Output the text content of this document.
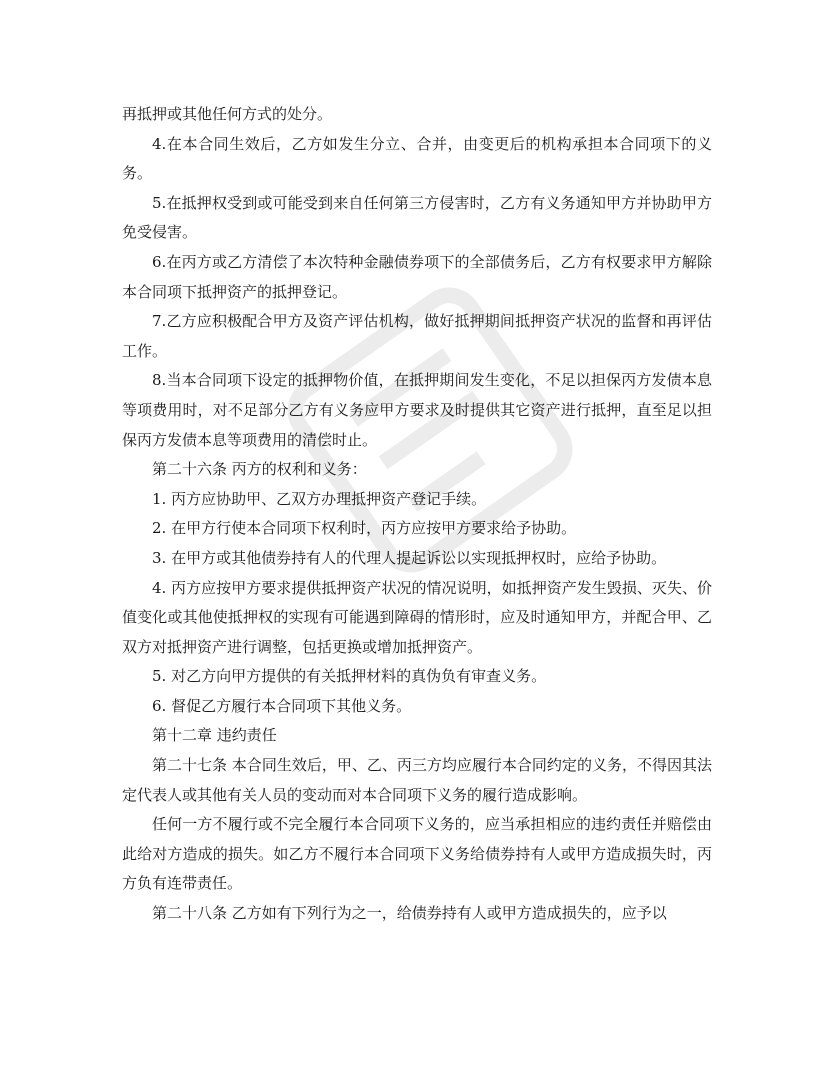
再抵押或其他任何方式的处分。

4.在本合同生效后，乙方如发生分立、合并，由变更后的机构承担本合同项下的义务。

5.在抵押权受到或可能受到来自任何第三方侵害时，乙方有义务通知甲方并协助甲方免受侵害。

6.在丙方或乙方清偿了本次特种金融债券项下的全部债务后，乙方有权要求甲方解除本合同项下抵押资产的抵押登记。

7.乙方应积极配合甲方及资产评估机构，做好抵押期间抵押资产状况的监督和再评估工作。

8.当本合同项下设定的抵押物价值，在抵押期间发生变化，不足以担保丙方发债本息等项费用时，对不足部分乙方有义务应甲方要求及时提供其它资产进行抵押，直至足以担保丙方发债本息等项费用的清偿时止。

第二十六条 丙方的权利和义务：

1. 丙方应协助甲、乙双方办理抵押资产登记手续。

2. 在甲方行使本合同项下权利时，丙方应按甲方要求给予协助。

3. 在甲方或其他债券持有人的代理人提起诉讼以实现抵押权时，应给予协助。

4. 丙方应按甲方要求提供抵押资产状况的情况说明，如抵押资产发生毁损、灭失、价值变化或其他使抵押权的实现有可能遇到障碍的情形时，应及时通知甲方，并配合甲、乙双方对抵押资产进行调整，包括更换或增加抵押资产。

5. 对乙方向甲方提供的有关抵押材料的真伪负有审查义务。

6. 督促乙方履行本合同项下其他义务。

第十二章 违约责任

第二十七条 本合同生效后，甲、乙、丙三方均应履行本合同约定的义务，不得因其法定代表人或其他有关人员的变动而对本合同项下义务的履行造成影响。

任何一方不履行或不完全履行本合同项下义务的，应当承担相应的违约责任并赔偿由此给对方造成的损失。如乙方不履行本合同项下义务给债券持有人或甲方造成损失时，丙方负有连带责任。

第二十八条 乙方如有下列行为之一，给债券持有人或甲方造成损失的，应予以
